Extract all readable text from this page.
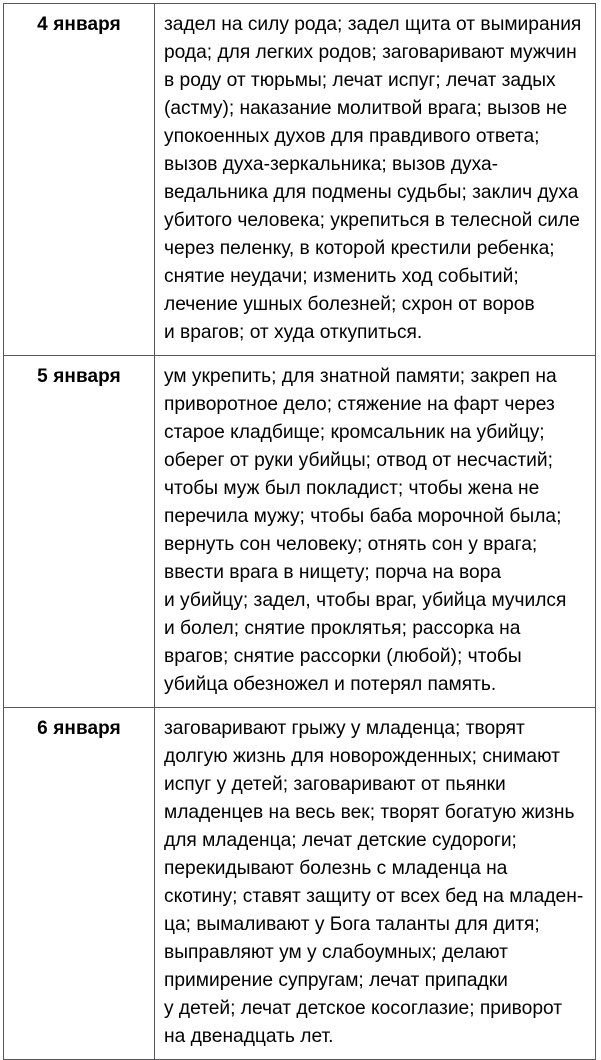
4 января	задел на силу рода; задел щита от вымирания
рода; для легких родов; заговаривают мужчин
в роду от тюрьмы; лечат испуг; лечат задых
(астму); наказание молитвой врага; вызов не
упокоенных духов для правдивого ответа;
вызов духа-зеркальника; вызов духа-
ведальника для подмены судьбы; заклич духа
убитого человека; укрепиться в телесной силе
через пеленку, в которой крестили ребенка;
снятие неудачи; изменить ход событий;
лечение ушных болезней; схрон от воров
и врагов; от худа откупиться.

5 января	ум укрепить; для знатной памяти; закреп на
приворотное дело; стяжение на фарт через
старое кладбище; кромсальник на убийцу;
оберег от руки убийцы; отвод от несчастий;
чтобы муж был покладист; чтобы жена не
перечила мужу; чтобы баба морочной была;
вернуть сон человеку; отнять сон у врага;
ввести врага в нищету; порча на вора
и убийцу; задел, чтобы враг, убийца мучился
и болел; снятие проклятья; рассорка на
врагов; снятие рассорки (любой); чтобы
убийца обезножел и потерял память.

6 января	заговаривают грыжу у младенца; творят
долгую жизнь для новорожденных; снимают
испуг у детей; заговаривают от пьянки
младенцев на весь век; творят богатую жизнь
для младенца; лечат детские судороги;
перекидывают болезнь с младенца на
скотину; ставят защиту от всех бед на младен-
ца; вымаливают у Бога таланты для дитя;
выправляют ум у слабоумных; делают
примирение супругам; лечат припадки
у детей; лечат детское косоглазие; приворот
на двенадцать лет.
